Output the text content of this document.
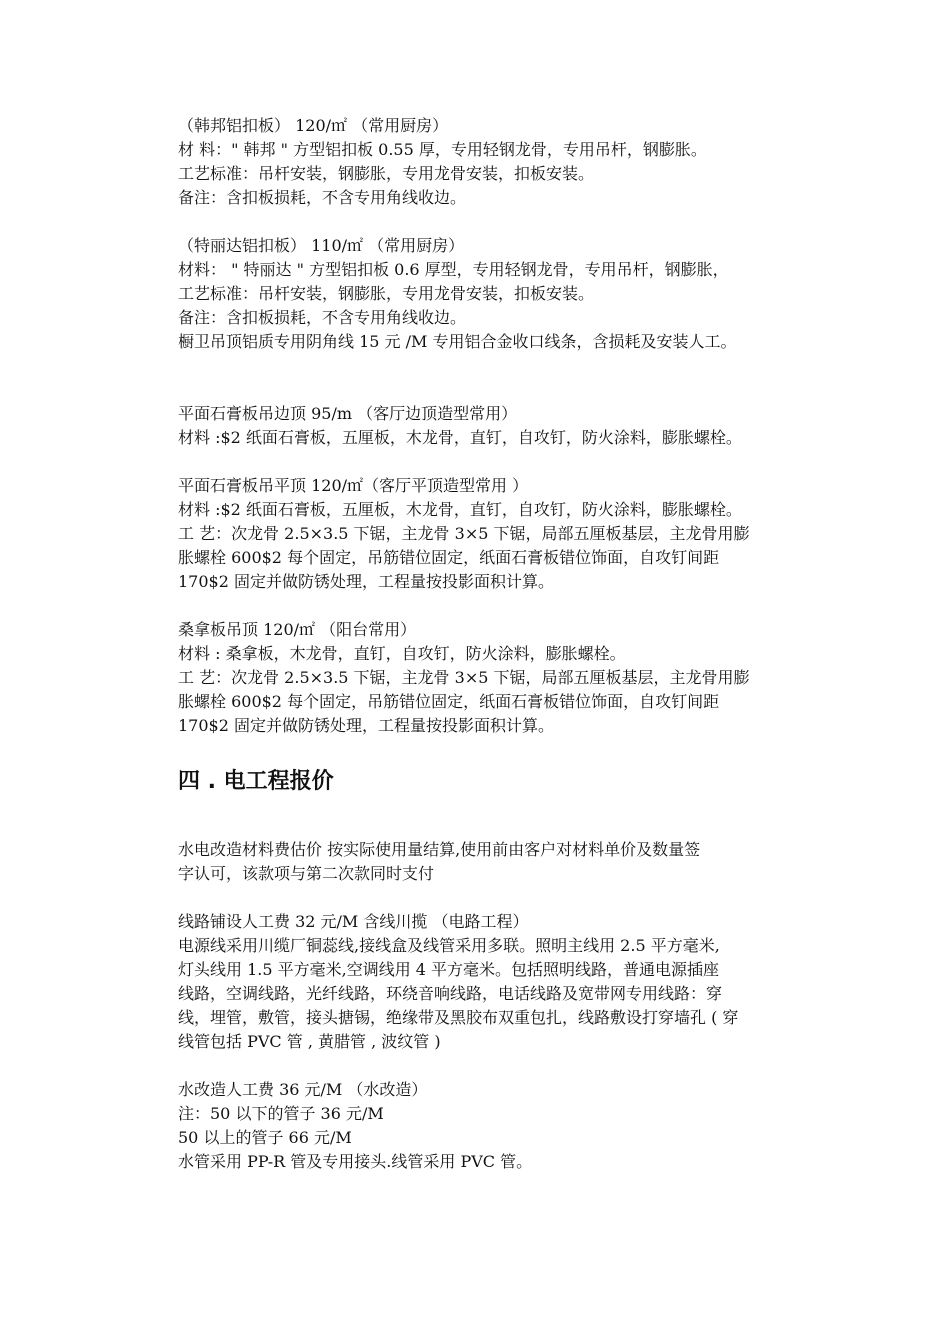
（韩邦铝扣板） 120/㎡ （常用厨房）
材 料：" 韩邦 " 方型铝扣板 0.55 厚，专用轻钢龙骨，专用吊杆，钢膨胀。
工艺标准：吊杆安装，钢膨胀，专用龙骨安装，扣板安装。
备注：含扣板损耗，不含专用角线收边。
（特丽达铝扣板） 110/㎡ （常用厨房）
材料： " 特丽达 " 方型铝扣板 0.6 厚型，专用轻钢龙骨，专用吊杆，钢膨胀，
工艺标准：吊杆安装，钢膨胀，专用龙骨安装，扣板安装。
备注：含扣板损耗，不含专用角线收边。
橱卫吊顶铝质专用阴角线 15 元 /M 专用铝合金收口线条，含损耗及安装人工。
平面石膏板吊边顶 95/m （客厅边顶造型常用）
材料 :$2 纸面石膏板，五厘板，木龙骨，直钉，自攻钉，防火涂料，膨胀螺栓。
平面石膏板吊平顶 120/㎡（客厅平顶造型常用 ）
材料 :$2 纸面石膏板，五厘板，木龙骨，直钉，自攻钉，防火涂料，膨胀螺栓。
工 艺：次龙骨 2.5×3.5 下锯，主龙骨 3×5 下锯，局部五厘板基层，主龙骨用膨
胀螺栓 600$2 每个固定，吊筋错位固定，纸面石膏板错位饰面，自攻钉间距
170$2 固定并做防锈处理，工程量按投影面积计算。
桑拿板吊顶 120/㎡ （阳台常用）
材料 : 桑拿板，木龙骨，直钉，自攻钉，防火涂料，膨胀螺栓。
工 艺：次龙骨 2.5×3.5 下锯，主龙骨 3×5 下锯，局部五厘板基层，主龙骨用膨
胀螺栓 600$2 每个固定，吊筋错位固定，纸面石膏板错位饰面，自攻钉间距
170$2 固定并做防锈处理，工程量按投影面积计算。
四 . 电工程报价
水电改造材料费估价 按实际使用量结算,使用前由客户对材料单价及数量签
字认可，该款项与第二次款同时支付
线路铺设人工费 32 元/M 含线川揽 （电路工程）
电源线采用川缆厂铜蕊线,接线盒及线管采用多联。照明主线用 2.5 平方毫米,
灯头线用 1.5 平方毫米,空调线用 4 平方毫米。包括照明线路，普通电源插座
线路，空调线路，光纤线路，环绕音响线路，电话线路及宽带网专用线路：穿
线，埋管，敷管，接头搪锡，绝缘带及黑胶布双重包扎，线路敷设打穿墙孔 ( 穿
线管包括 PVC 管 , 黄腊管 , 波纹管 )
水改造人工费 36 元/M （水改造）
注：50 以下的管子 36 元/M
50 以上的管子 66 元/M
水管采用 PP-R 管及专用接头.线管采用 PVC 管。
